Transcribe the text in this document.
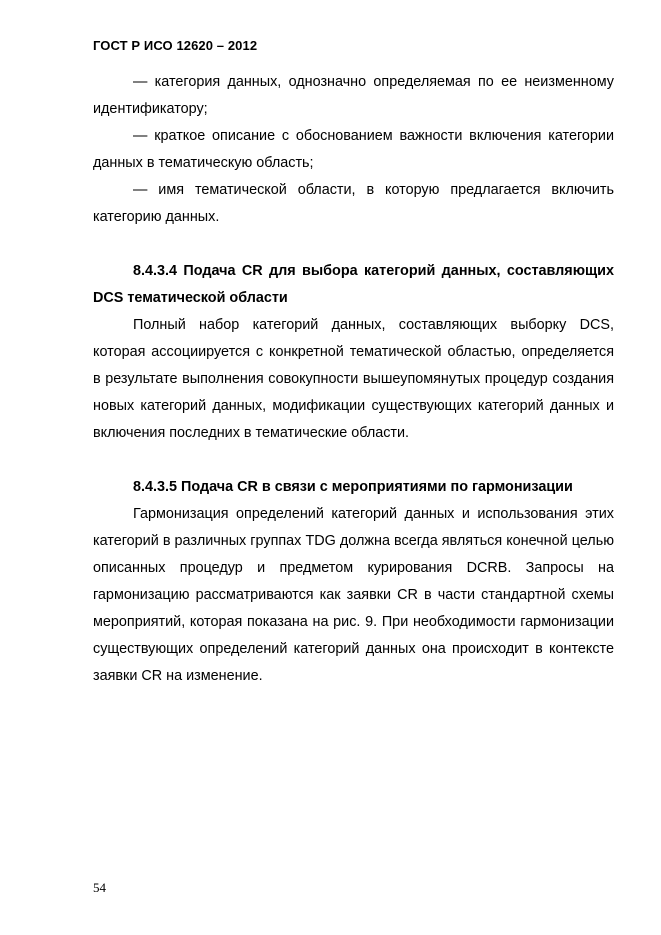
ГОСТ Р ИСО 12620 – 2012

— категория данных, однозначно определяемая по ее неизменному идентификатору;

— краткое описание с обоснованием важности включения категории данных в тематическую область;

— имя тематической области, в которую предлагается включить категорию данных.

8.4.3.4 Подача CR для выбора категорий данных, составляющих DCS тематической области

Полный набор категорий данных, составляющих выборку DCS, которая ассоциируется с конкретной тематической областью, определяется в результате выполнения совокупности вышеупомянутых процедур создания новых категорий данных, модификации существующих категорий данных и включения последних в тематические области.

8.4.3.5 Подача CR в связи с мероприятиями по гармонизации

Гармонизация определений категорий данных и использования этих категорий в различных группах TDG должна всегда являться конечной целью описанных процедур и предметом курирования DCRB. Запросы на гармонизацию рассматриваются как заявки CR в части стандартной схемы мероприятий, которая показана на рис. 9. При необходимости гармонизации существующих определений категорий данных она происходит в контексте заявки CR на изменение.

54
